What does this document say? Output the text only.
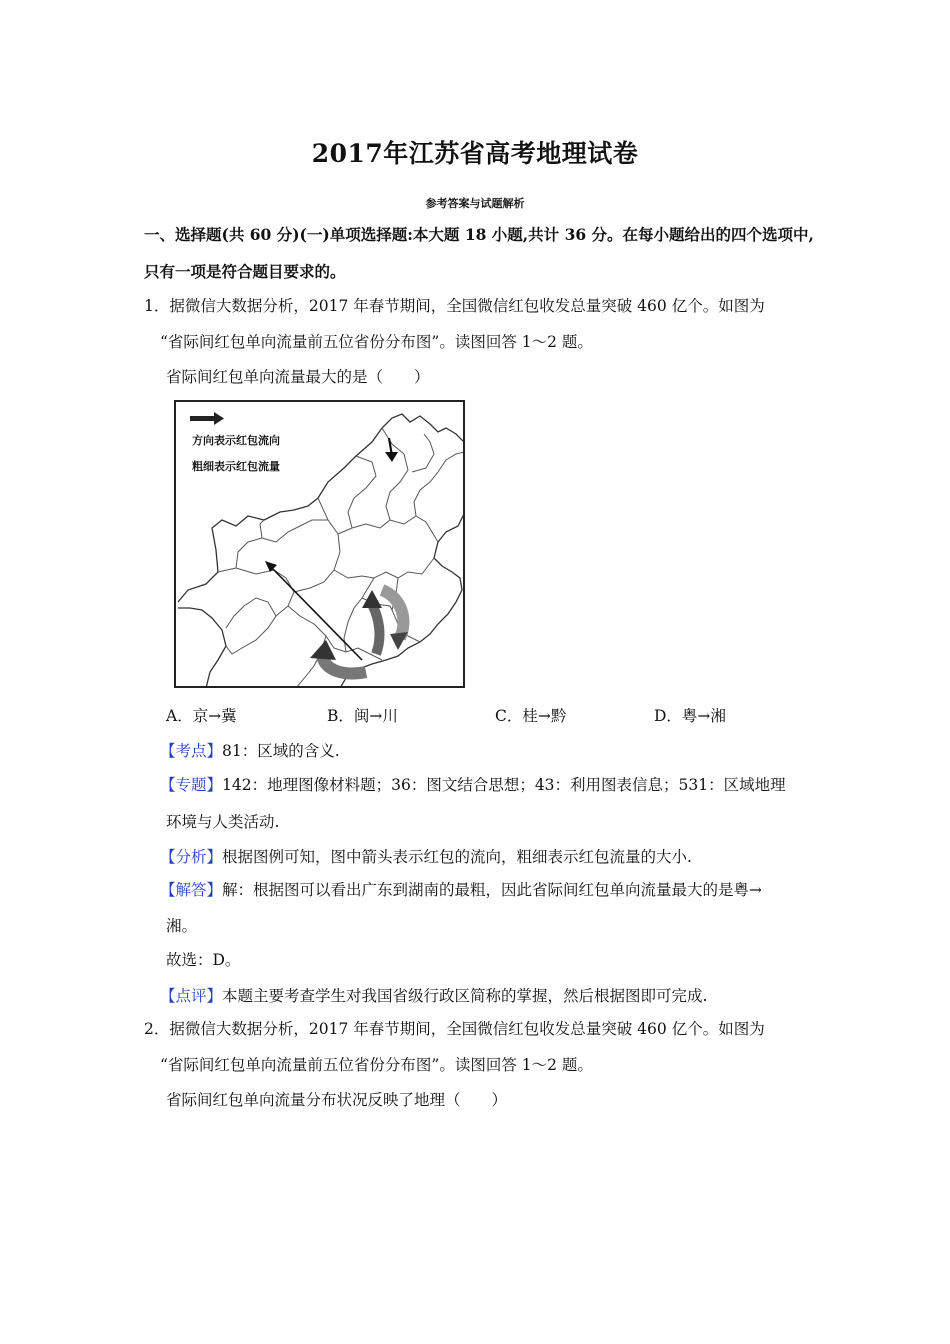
2017年江苏省高考地理试卷
参考答案与试题解析
一、选择题(共 60 分)(一)单项选择题:本大题 18 小题,共计 36 分。在每小题给出的四个选项中,
只有一项是符合题目要求的。
1．据微信大数据分析，2017 年春节期间，全国微信红包收发总量突破 460 亿个。如图为
“省际间红包单向流量前五位省份分布图”。读图回答 1～2 题。
省际间红包单向流量最大的是（　　）
方向表示红包流向
粗细表示红包流量
A．京→冀	B．闽→川	C．桂→黔	D．粤→湘
【考点】81：区域的含义.
【专题】142：地理图像材料题；36：图文结合思想；43：利用图表信息；531：区域地理
环境与人类活动.
【分析】根据图例可知，图中箭头表示红包的流向，粗细表示红包流量的大小.
【解答】解：根据图可以看出广东到湖南的最粗，因此省际间红包单向流量最大的是粤→
湘。
故选：D。
【点评】本题主要考查学生对我国省级行政区简称的掌握，然后根据图即可完成.
2．据微信大数据分析，2017 年春节期间，全国微信红包收发总量突破 460 亿个。如图为
“省际间红包单向流量前五位省份分布图”。读图回答 1～2 题。
省际间红包单向流量分布状况反映了地理（　　）
